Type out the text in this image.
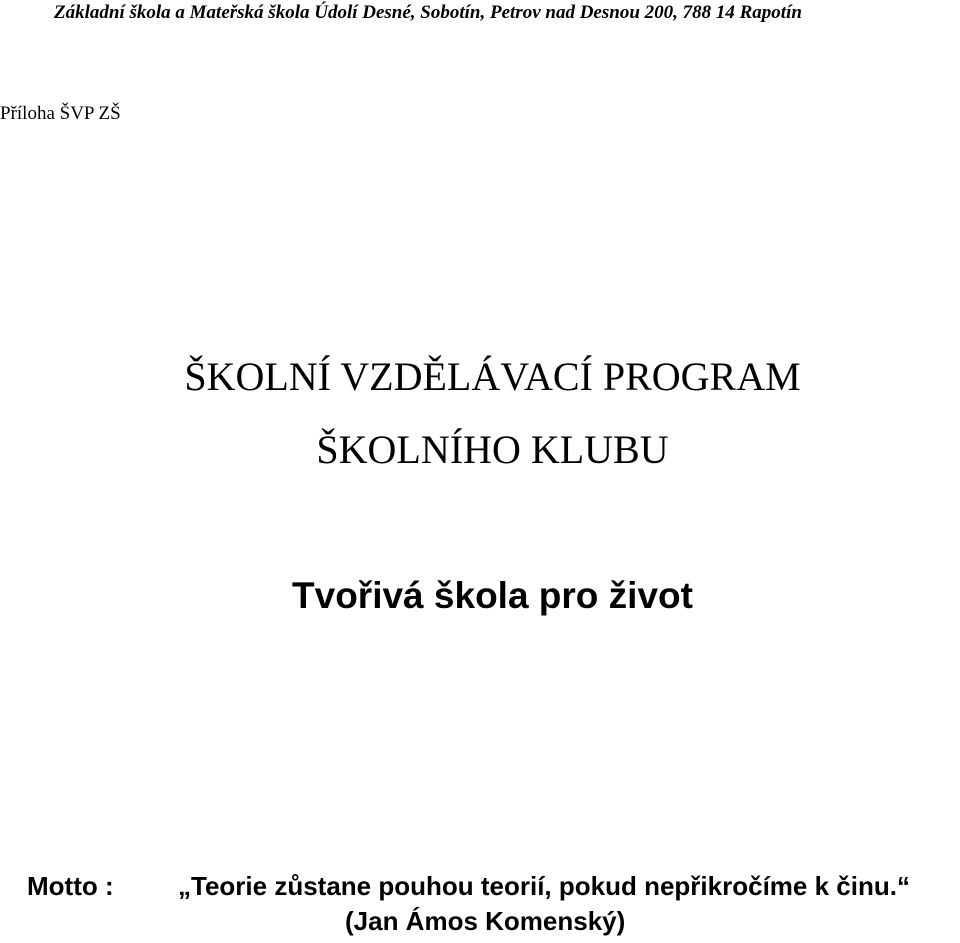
Základní škola a Mateřská škola Údolí Desné, Sobotín, Petrov nad Desnou 200, 788 14 Rapotín
Příloha ŠVP ZŠ
ŠKOLNÍ VZDĚLÁVACÍ PROGRAM
ŠKOLNÍHO KLUBU
Tvořivá škola pro život
Motto : „Teorie zůstane pouhou teorií, pokud nepřikročíme k činu.“
(Jan Ámos Komenský)
